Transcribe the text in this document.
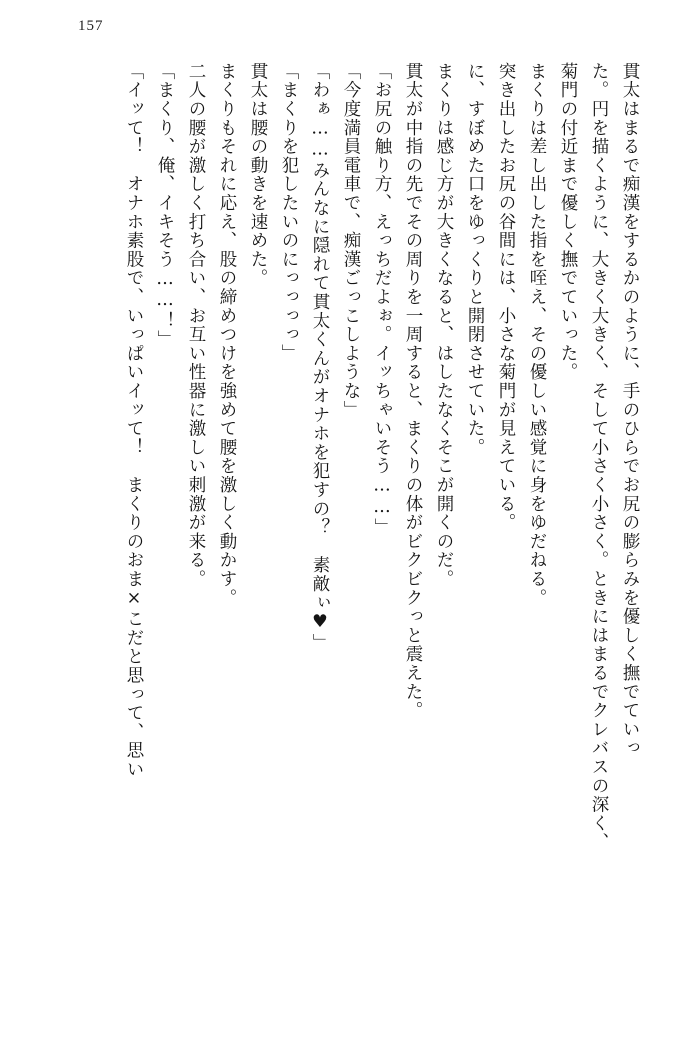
157

貫太はまるで痴漢をするかのように、手のひらでお尻の膨らみを優しく撫でていっ

た。円を描くように、大きく大きく、そして小さく小さく。ときにはまるでクレバスの深く、

菊門の付近まで優しく撫でていった。

まくりは差し出した指を咥え、その優しい感覚に身をゆだねる。

突き出したお尻の谷間には、小さな菊門が見えている。

に、すぼめた口をゆっくりと開閉させていた。

まくりは感じ方が大きくなると、はしたなくそこが開くのだ。

貫太が中指の先でその周りを一周すると、まくりの体がビクビクっと震えた。

「お尻の触り方、えっちだよぉ。イッちゃいそう……」

「今度満員電車で、痴漢ごっこしような」

「わぁ……みんなに隠れて貫太くんがオナホを犯すの？　素敵ぃ♥」

「まくりを犯したいのにっっっっ」

貫太は腰の動きを速めた。

まくりもそれに応え、股の締めつけを強めて腰を激しく動かす。

二人の腰が激しく打ち合い、お互い性器に激しい刺激が来る。

「まくり、俺、イキそう……！」

「イッて！　オナホ素股で、いっぱいイッて！　まくりのおま×こだと思って、思い
